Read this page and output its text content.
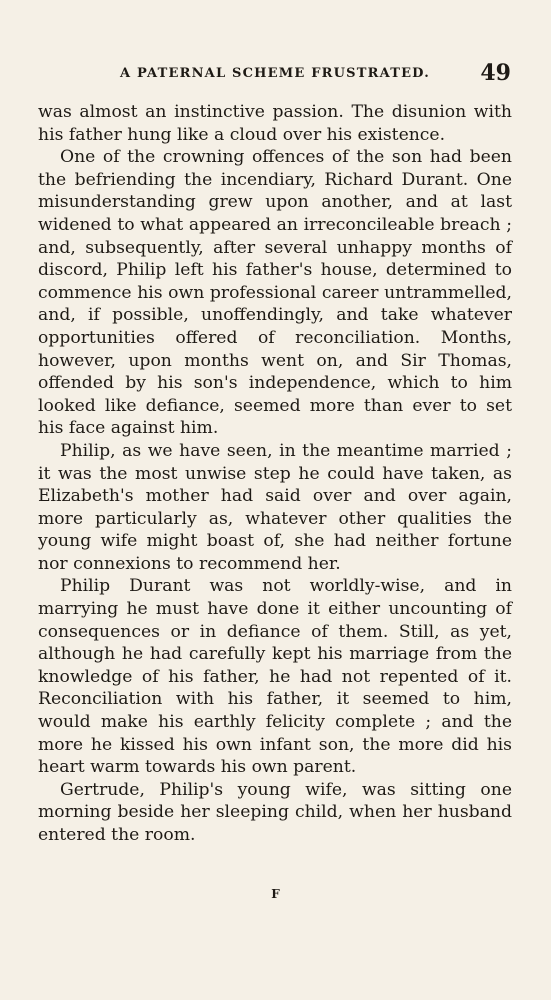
A PATERNAL SCHEME FRUSTRATED. 49

was almost an instinctive passion. The disunion with his father hung like a cloud over his existence.

One of the crowning offences of the son had been the befriending the incendiary, Richard Durant. One misunderstanding grew upon another, and at last widened to what appeared an irreconcileable breach ; and, subsequently, after several unhappy months of discord, Philip left his father's house, determined to commence his own professional career untrammelled, and, if possible, unoffendingly, and take whatever opportunities offered of reconciliation. Months, however, upon months went on, and Sir Thomas, offended by his son's independence, which to him looked like defiance, seemed more than ever to set his face against him.

Philip, as we have seen, in the meantime married ; it was the most unwise step he could have taken, as Elizabeth's mother had said over and over again, more particularly as, whatever other qualities the young wife might boast of, she had neither fortune nor connexions to recommend her.

Philip Durant was not worldly-wise, and in marrying he must have done it either uncounting of consequences or in defiance of them. Still, as yet, although he had carefully kept his marriage from the knowledge of his father, he had not repented of it. Reconciliation with his father, it seemed to him, would make his earthly felicity complete ; and the more he kissed his own infant son, the more did his heart warm towards his own parent.

Gertrude, Philip's young wife, was sitting one morning beside her sleeping child, when her husband entered the room.

F
